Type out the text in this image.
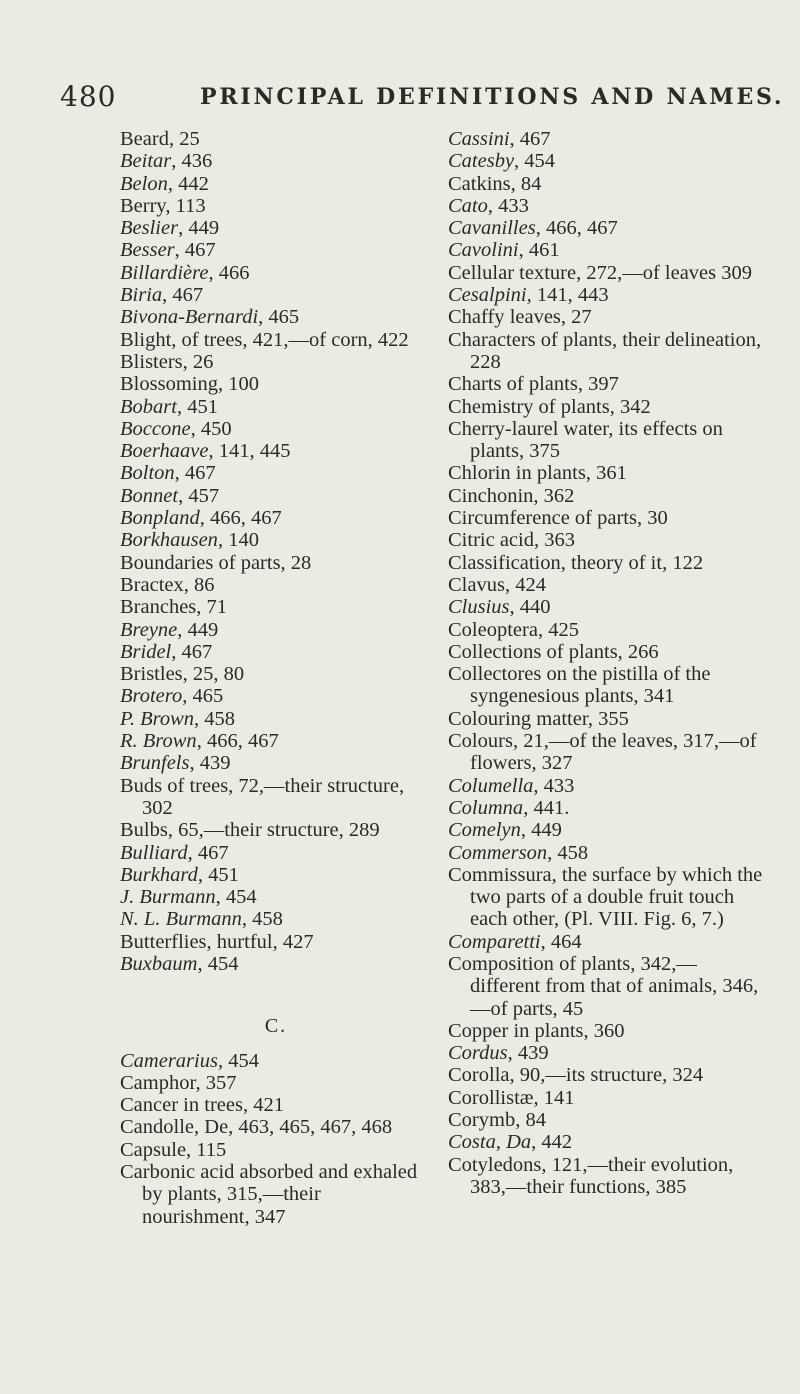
480	PRINCIPAL DEFINITIONS AND NAMES.
Beard, 25
Beitar, 436
Belon, 442
Berry, 113
Beslier, 449
Besser, 467
Billardière, 466
Biria, 467
Bivona-Bernardi, 465
Blight, of trees, 421,—of corn, 422
Blisters, 26
Blossoming, 100
Bobart, 451
Boccone, 450
Boerhaave, 141, 445
Bolton, 467
Bonnet, 457
Bonpland, 466, 467
Borkhausen, 140
Boundaries of parts, 28
Bractex, 86
Branches, 71
Breyne, 449
Bridel, 467
Bristles, 25, 80
Brotero, 465
P. Brown, 458
R. Brown, 466, 467
Brunfels, 439
Buds of trees, 72,—their structure, 302
Bulbs, 65,—their structure, 289
Bulliard, 467
Burkhard, 451
J. Burmann, 454
N. L. Burmann, 458
Butterflies, hurtful, 427
Buxbaum, 454
C.
Camerarius, 454
Camphor, 357
Cancer in trees, 421
Candolle, De, 463, 465, 467, 468
Capsule, 115
Carbonic acid absorbed and exhaled by plants, 315,—their nourishment, 347
Cassini, 467
Catesby, 454
Catkins, 84
Cato, 433
Cavanilles, 466, 467
Cavolini, 461
Cellular texture, 272,—of leaves 309
Cesalpini, 141, 443
Chaffy leaves, 27
Characters of plants, their delineation, 228
Charts of plants, 397
Chemistry of plants, 342
Cherry-laurel water, its effects on plants, 375
Chlorin in plants, 361
Cinchonin, 362
Circumference of parts, 30
Citric acid, 363
Classification, theory of it, 122
Clavus, 424
Clusius, 440
Coleoptera, 425
Collections of plants, 266
Collectores on the pistilla of the syngenesious plants, 341
Colouring matter, 355
Colours, 21,—of the leaves, 317,—of flowers, 327
Columella, 433
Columna, 441.
Comelyn, 449
Commerson, 458
Commissura, the surface by which the two parts of a double fruit touch each other, (Pl. VIII. Fig. 6, 7.)
Comparetti, 464
Composition of plants, 342,—different from that of animals, 346,—of parts, 45
Copper in plants, 360
Cordus, 439
Corolla, 90,—its structure, 324
Corollistæ, 141
Corymb, 84
Costa, Da, 442
Cotyledons, 121,—their evolution, 383,—their functions, 385
